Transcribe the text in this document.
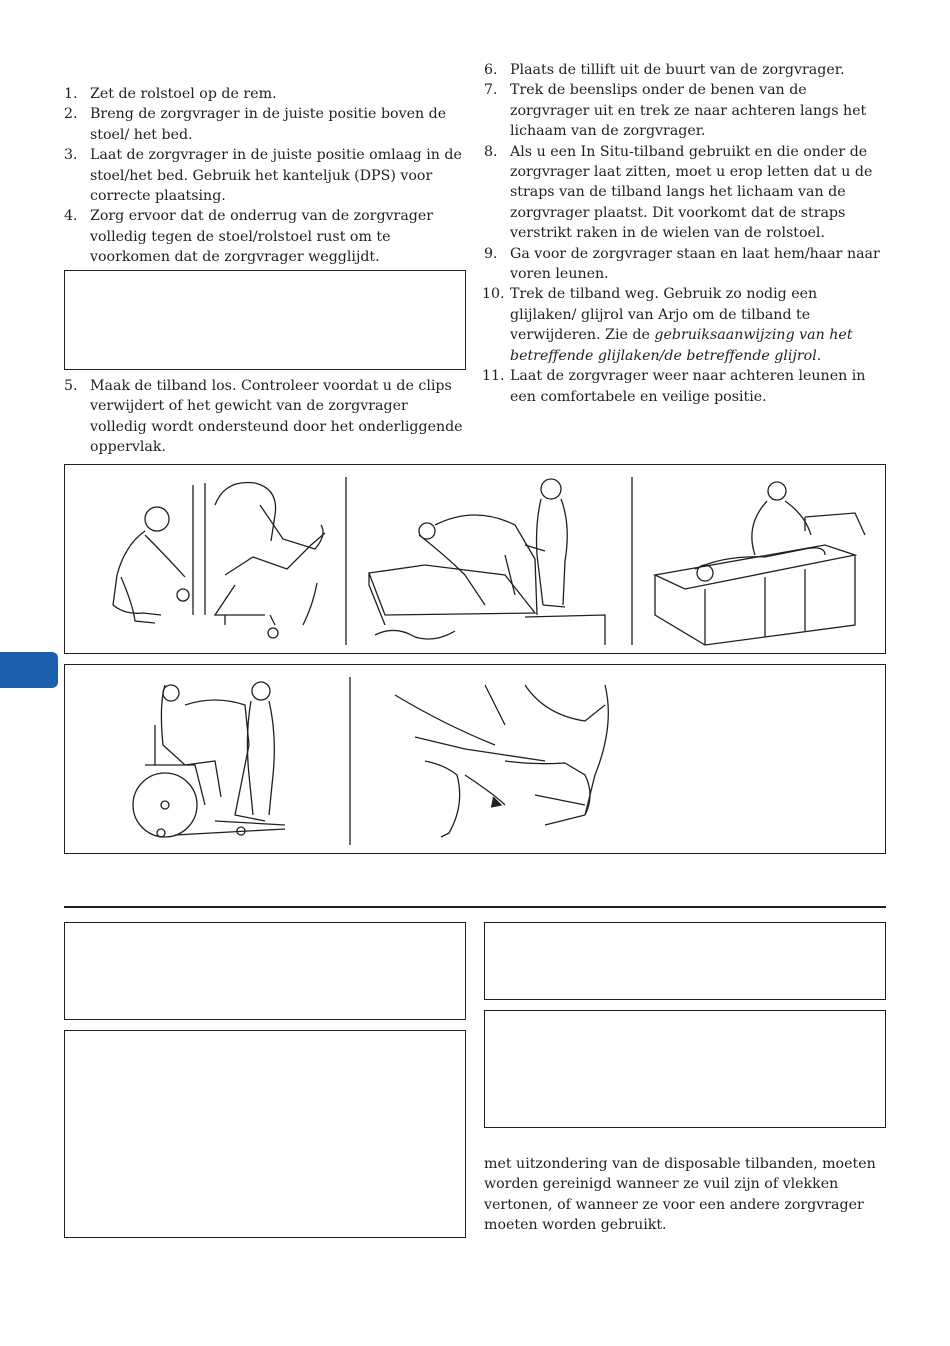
1. Zet de rolstoel op de rem.
2. Breng de zorgvrager in de juiste positie boven de stoel/ het bed.
3. Laat de zorgvrager in de juiste positie omlaag in de stoel/het bed. Gebruik het kanteljuk (DPS) voor correcte plaatsing.
4. Zorg ervoor dat de onderrug van de zorgvrager volledig tegen de stoel/rolstoel rust om te voorkomen dat de zorgvrager wegglijdt.
5. Maak de tilband los. Controleer voordat u de clips verwijdert of het gewicht van de zorgvrager volledig wordt ondersteund door het onderliggende oppervlak.
6. Plaats de tillift uit de buurt van de zorgvrager.
7. Trek de beenslips onder de benen van de zorgvrager uit en trek ze naar achteren langs het lichaam van de zorgvrager.
8. Als u een In Situ-tilband gebruikt en die onder de zorgvrager laat zitten, moet u erop letten dat u de straps van de tilband langs het lichaam van de zorgvrager plaatst. Dit voorkomt dat de straps verstrikt raken in de wielen van de rolstoel.
9. Ga voor de zorgvrager staan en laat hem/haar naar voren leunen.
10. Trek de tilband weg. Gebruik zo nodig een glijlaken/ glijrol van Arjo om de tilband te verwijderen. Zie de gebruiksaanwijzing van het betreffende glijlaken/de betreffende glijrol.
11. Laat de zorgvrager weer naar achteren leunen in een comfortabele en veilige positie.
met uitzondering van de disposable tilbanden, moeten worden gereinigd wanneer ze vuil zijn of vlekken vertonen, of wanneer ze voor een andere zorgvrager moeten worden gebruikt.
